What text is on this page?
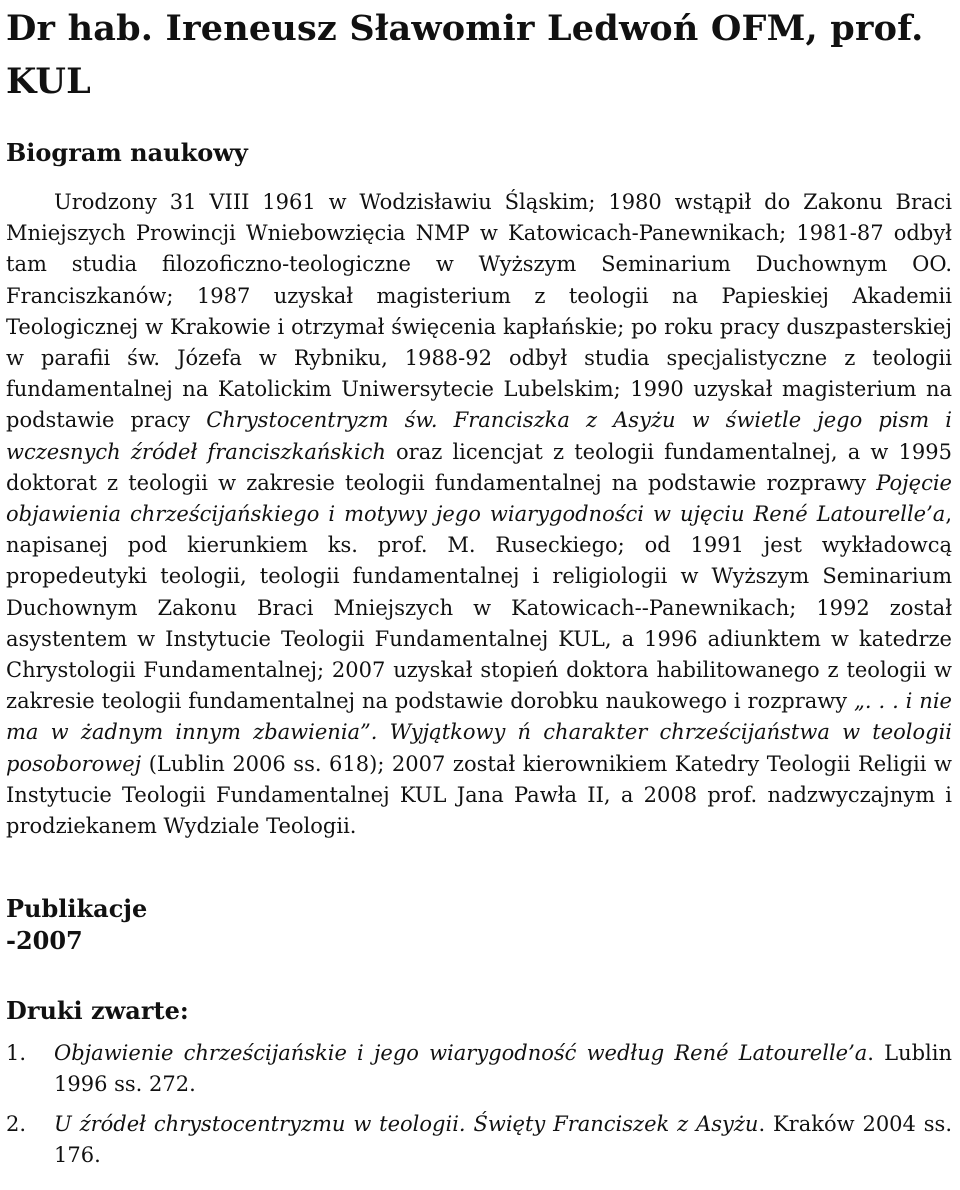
Dr hab. Ireneusz Sławomir Ledwoń OFM, prof.
KUL
Biogram naukowy

Urodzony 31 VIII 1961 w Wodzisławiu Śląskim; 1980 wstąpił do Zakonu Braci Mniejszych Prowincji Wniebowzięcia NMP w Katowicach-Panewnikach; 1981-87 odbył tam studia filozoficzno-teologiczne w Wyższym Seminarium Duchownym OO. Franciszkanów; 1987 uzyskał magisterium z teologii na Papieskiej Akademii Teologicznej w Krakowie i otrzymał święcenia kapłańskie; po roku pracy duszpasterskiej w parafii św. Józefa w Rybniku, 1988-92 odbył studia specjalistyczne z teologii fundamentalnej na Katolickim Uniwersytecie Lubelskim; 1990 uzyskał magisterium na podstawie pracy Chrystocentryzm św. Franciszka z Asyżu w świetle jego pism i wczesnych źródeł franciszkańskich oraz licencjat z teologii fundamentalnej, a w 1995 doktorat z teologii w zakresie teologii fundamentalnej na podstawie rozprawy Pojęcie objawienia chrześcijańskiego i motywy jego wiarygodności w ujęciu René Latourelle’a, napisanej pod kierunkiem ks. prof. M. Ruseckiego; od 1991 jest wykładowcą propedeutyki teologii, teologii fundamentalnej i religiologii w Wyższym Seminarium Duchownym Zakonu Braci Mniejszych w Katowicach--Panewnikach; 1992 został asystentem w Instytucie Teologii Fundamentalnej KUL, a 1996 adiunktem w katedrze Chrystologii Fundamentalnej; 2007 uzyskał stopień doktora habilitowanego z teologii w zakresie teologii fundamentalnej na podstawie dorobku naukowego i rozprawy „. . . i nie ma w żadnym innym zbawienia”. Wyjątkowy ń charakter chrześcijaństwa w teologii posoborowej (Lublin 2006 ss. 618); 2007 został kierownikiem Katedry Teologii Religii w Instytucie Teologii Fundamentalnej KUL Jana Pawła II, a 2008 prof. nadzwyczajnym i prodziekanem Wydziale Teologii.

Publikacje

-2007

Druki zwarte:
1. Objawienie chrześcijańskie i jego wiarygodność według René Latourelle’a. Lublin 1996 ss. 272.
2. U źródeł chrystocentryzmu w teologii. Święty Franciszek z Asyżu. Kraków 2004 ss. 176.
